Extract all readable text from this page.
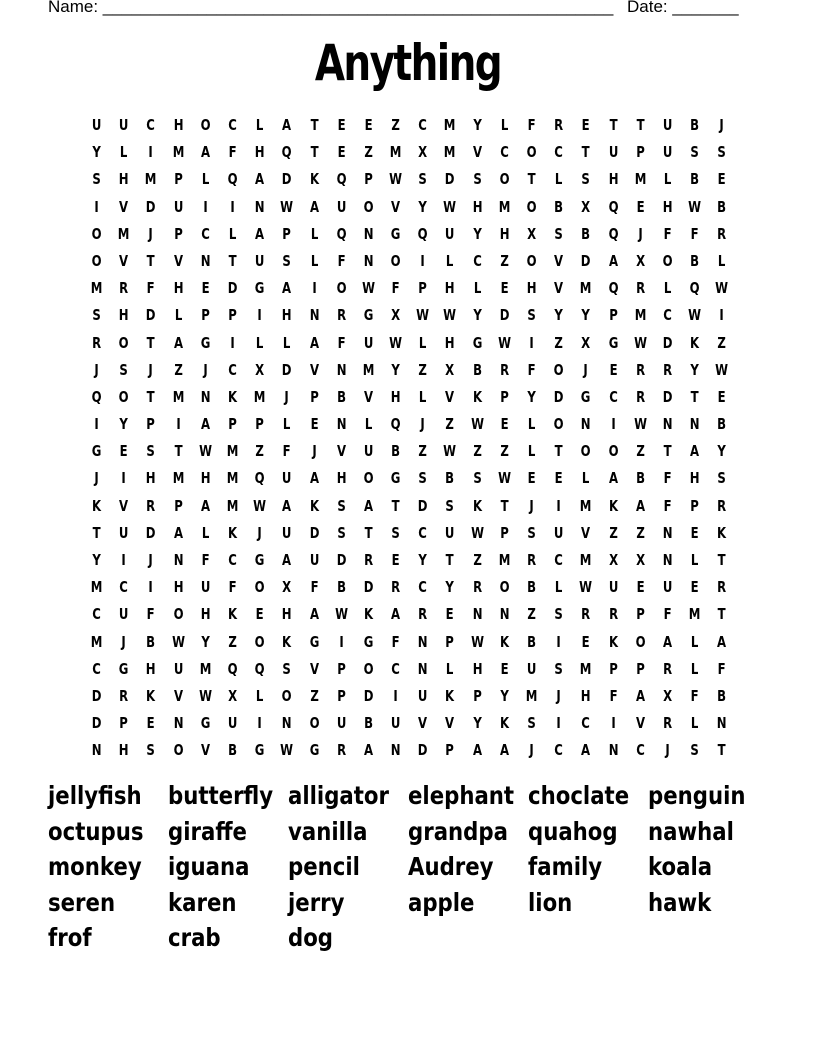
Name: ______________________________________________________ Date: _______
Anything
U	U	C	H	O	C	L	A	T	E	E	Z	C	M	Y	L	F	R	E	T	T	U	B	J
Y	L	I	M	A	F	H	Q	T	E	Z	M	X	M	V	C	O	C	T	U	P	U	S	S
S	H	M	P	L	Q	A	D	K	Q	P	W	S	D	S	O	T	L	S	H	M	L	B	E
I	V	D	U	I	I	N	W	A	U	O	V	Y	W	H	M	O	B	X	Q	E	H	W	B
O	M	J	P	C	L	A	P	L	Q	N	G	Q	U	Y	H	X	S	B	Q	J	F	F	R
O	V	T	V	N	T	U	S	L	F	N	O	I	L	C	Z	O	V	D	A	X	O	B	L
M	R	F	H	E	D	G	A	I	O	W	F	P	H	L	E	H	V	M	Q	R	L	Q	W
S	H	D	L	P	P	I	H	N	R	G	X	W W	Y	D	S	Y	Y	P	M	C	W	I
R	O	T	A	G	I	L	L	A	F	U	W	L	H	G	W	I	Z	X	G	W	D	K	Z
J	S	J	Z	J	C	X	D	V	N	M	Y	Z	X	B	R	F	O	J	E	R	R	Y	W
Q	O	T	M	N	K	M	J	P	B	V	H	L	V	K	P	Y	D	G	C	R	D	T	E
I	Y	P	I	A	P	P	L	E	N	L	Q	J	Z	W	E	L	O	N	I	W	N	N	B
G	E	S	T	W M	Z	F	J	V	U	B	Z	W	Z	Z	L	T	O	O	Z	T	A	Y
J	I	H	M	H	M	Q	U	A	H	O	G	S	B	S	W	E	E	L	A	B	F	H	S
K	V	R	P	A	M W	A	K	S	A	T	D	S	K	T	J	I	M	K	A	F	P	R
T	U	D	A	L	K	J	U	D	S	T	S	C	U	W	P	S	U	V	Z	Z	N	E	K
Y	I	J	N	F	C	G	A	U	D	R	E	Y	T	Z	M	R	C	M	X	X	N	L	T
M	C	I	H	U	F	O	X	F	B	D	R	C	Y	R	O	B	L	W	U	E	U	E	R
C	U	F	O	H	K	E	H	A	W	K	A	R	E	N	N	Z	S	R	R	P	F	M	T
M	J	B	W	Y	Z	O	K	G	I	G	F	N	P	W	K	B	I	E	K	O	A	L	A
C	G	H	U	M	Q	Q	S	V	P	O	C	N	L	H	E	U	S	M	P	P	R	L	F
D	R	K	V	W	X	L	O	Z	P	D	I	U	K	P	Y	M	J	H	F	A	X	F	B
D	P	E	N	G	U	I	N	O	U	B	U	V	V	Y	K	S	I	C	I	V	R	L	N
N	H	S	O	V	B	G	W	G	R	A	N	D	P	A	A	J	C	A	N	C	J	S	T
jellyfish	butterfly alligator elephant choclate penguin
octupus giraffe	vanilla	grandpa quahog	nawhal
monkey	iguana	pencil	Audrey	family	koala
seren	karen	jerry	apple	lion	hawk
frof	crab	dog
